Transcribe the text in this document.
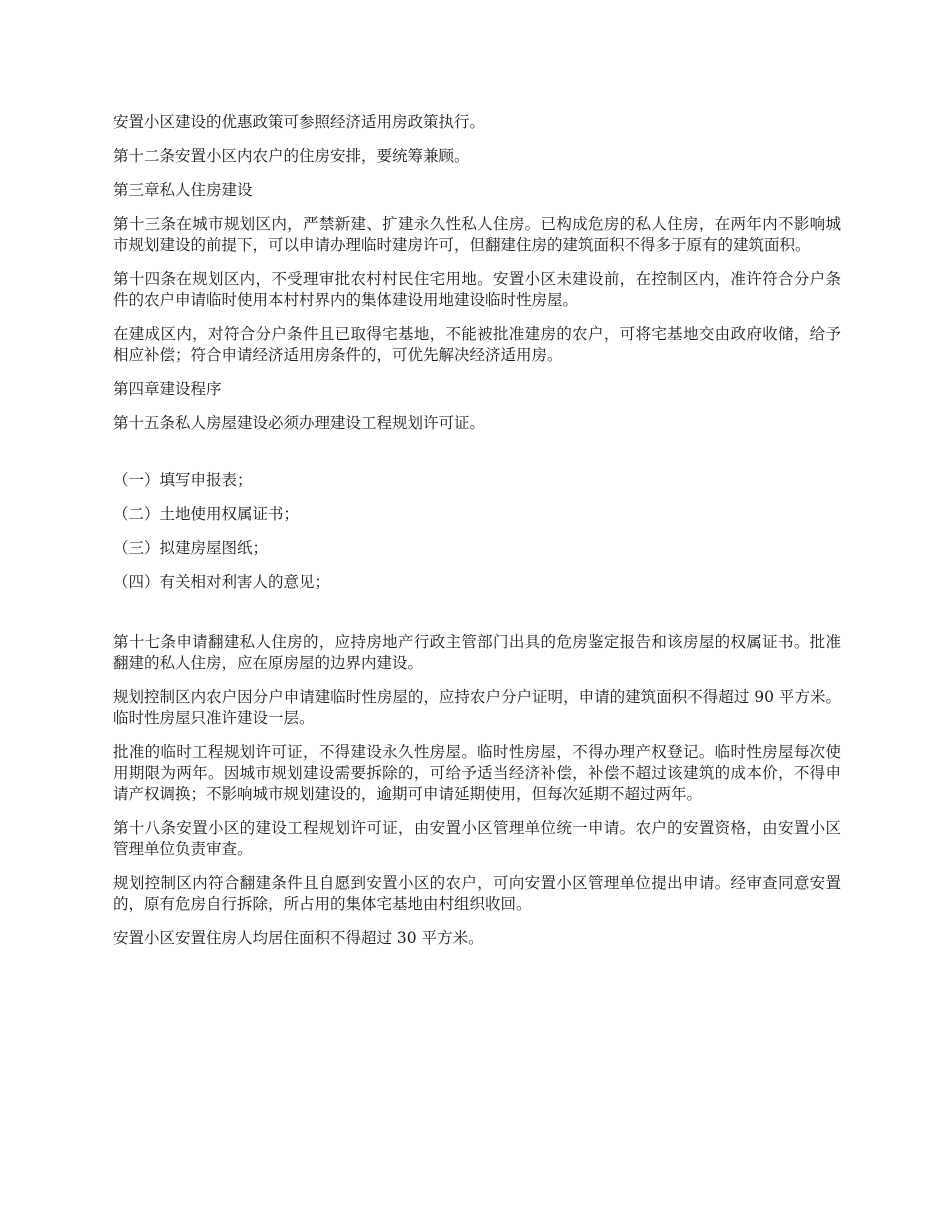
安置小区建设的优惠政策可参照经济适用房政策执行。

第十二条安置小区内农户的住房安排，要统筹兼顾。

第三章私人住房建设

第十三条在城市规划区内，严禁新建、扩建永久性私人住房。已构成危房的私人住房，在两年内不影响城市规划建设的前提下，可以申请办理临时建房许可，但翻建住房的建筑面积不得多于原有的建筑面积。

第十四条在规划区内，不受理审批农村村民住宅用地。安置小区未建设前，在控制区内，准许符合分户条件的农户申请临时使用本村村界内的集体建设用地建设临时性房屋。

在建成区内，对符合分户条件且已取得宅基地，不能被批准建房的农户，可将宅基地交由政府收储，给予相应补偿；符合申请经济适用房条件的，可优先解决经济适用房。

第四章建设程序

第十五条私人房屋建设必须办理建设工程规划许可证。

（一）填写申报表；

（二）土地使用权属证书；

（三）拟建房屋图纸；

（四）有关相对利害人的意见；

第十七条申请翻建私人住房的，应持房地产行政主管部门出具的危房鉴定报告和该房屋的权属证书。批准翻建的私人住房，应在原房屋的边界内建设。

规划控制区内农户因分户申请建临时性房屋的，应持农户分户证明，申请的建筑面积不得超过 90 平方米。临时性房屋只准许建设一层。

批准的临时工程规划许可证，不得建设永久性房屋。临时性房屋，不得办理产权登记。临时性房屋每次使用期限为两年。因城市规划建设需要拆除的，可给予适当经济补偿，补偿不超过该建筑的成本价，不得申请产权调换；不影响城市规划建设的，逾期可申请延期使用，但每次延期不超过两年。

第十八条安置小区的建设工程规划许可证，由安置小区管理单位统一申请。农户的安置资格，由安置小区管理单位负责审查。

规划控制区内符合翻建条件且自愿到安置小区的农户，可向安置小区管理单位提出申请。经审查同意安置的，原有危房自行拆除，所占用的集体宅基地由村组织收回。

安置小区安置住房人均居住面积不得超过 30 平方米。
